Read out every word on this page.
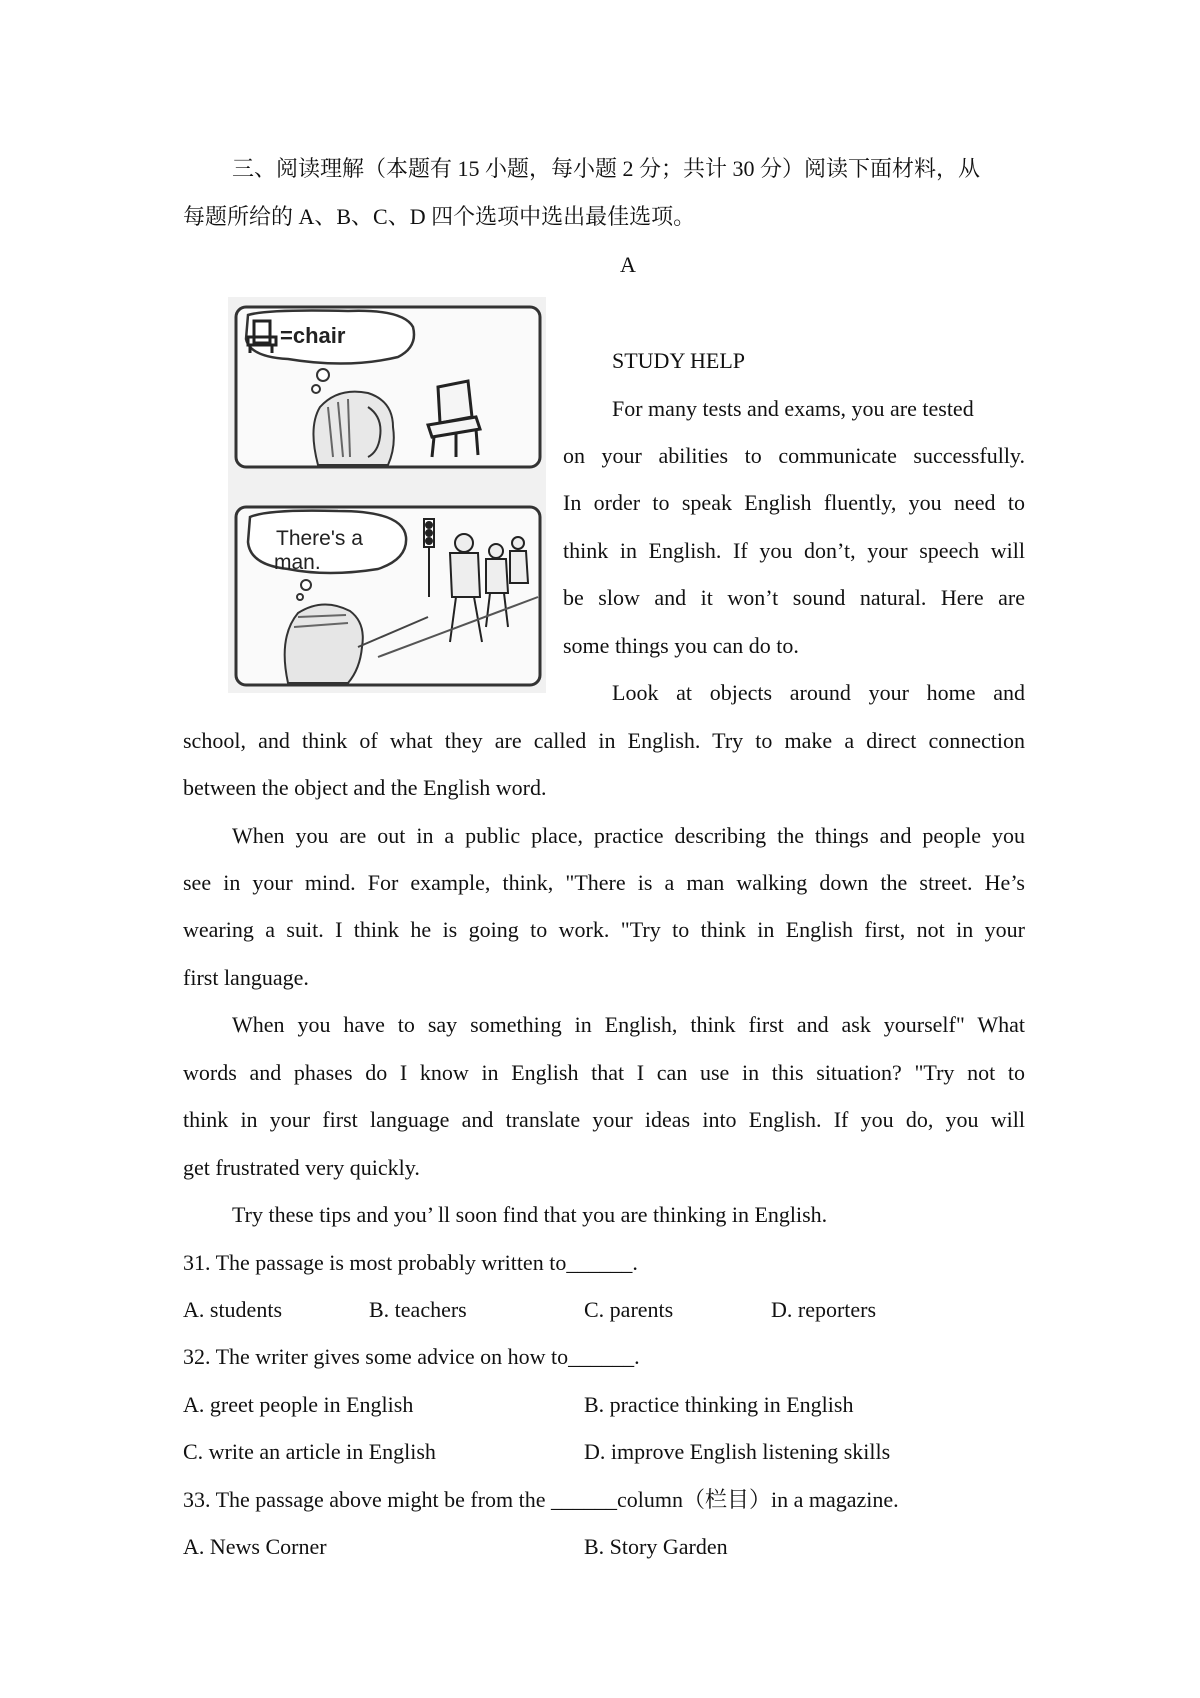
三、阅读理解（本题有 15 小题，每小题 2 分；共计 30 分）阅读下面材料，从
每题所给的 A、B、C、D 四个选项中选出最佳选项。
A
=chair
There's a
man.
STUDY HELP
For many tests and exams, you are tested
on your abilities to communicate successfully.
In order to speak English fluently, you need to
think in English. If you don’t, your speech will
be slow and it won’t sound natural. Here are
some things you can do to.
Look at objects around your home and
school, and think of what they are called in English. Try to make a direct connection
between the object and the English word.
When you are out in a public place, practice describing the things and people you
see in your mind. For example, think, "There is a man walking down the street. He’s
wearing a suit. I think he is going to work. "Try to think in English first, not in your
first language.
When you have to say something in English, think first and ask yourself" What
words and phases do I know in English that I can use in this situation? "Try not to
think in your first language and translate your ideas into English. If you do, you will
get frustrated very quickly.
Try these tips and you’ ll soon find that you are thinking in English.
31. The passage is most probably written to______.
A. students	B. teachers	C. parents	D. reporters
32. The writer gives some advice on how to______.
A. greet people in English	B. practice thinking in English
C. write an article in English	D. improve English listening skills
33. The passage above might be from the ______column（栏目）in a magazine.
A. News Corner	B. Story Garden
